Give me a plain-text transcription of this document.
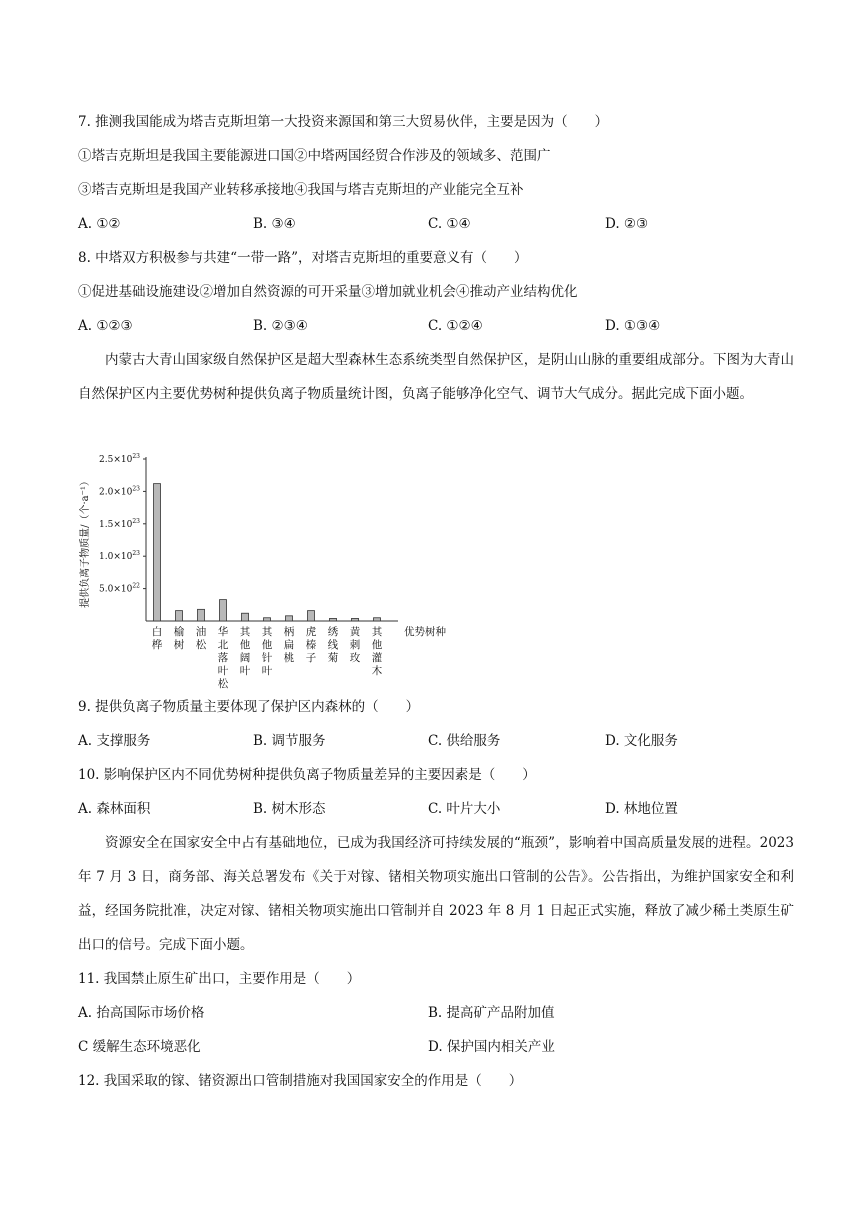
7. 推测我国能成为塔吉克斯坦第一大投资来源国和第三大贸易伙伴，主要是因为（　　）
①塔吉克斯坦是我国主要能源进口国②中塔两国经贸合作涉及的领域多、范围广
③塔吉克斯坦是我国产业转移承接地④我国与塔吉克斯坦的产业能完全互补
A. ①②	B. ③④	C. ①④	D. ②③
8. 中塔双方积极参与共建“一带一路”，对塔吉克斯坦的重要意义有（　　）
①促进基础设施建设②增加自然资源的可开采量③增加就业机会④推动产业结构优化
A. ①②③	B. ②③④	C. ①②④	D. ①③④
内蒙古大青山国家级自然保护区是超大型森林生态系统类型自然保护区，是阴山山脉的重要组成部分。下图为大青山自然保护区内主要优势树种提供负离子物质量统计图，负离子能够净化空气、调节大气成分。据此完成下面小题。
提供负离子物质量/（个·a⁻¹） $5.0\times 10^{22}$
$1.0\times 10^{23}$
$1.5\times 10^{23}$
$2.0\times 10^{23}$
$2.5\times 10^{23}$
白桦
榆树
油松
华北落叶松
其他阔叶
其他针叶
柄扁桃
虎榛子
绣线菊
黄刺玫
其他灌木
优势树种
9. 提供负离子物质量主要体现了保护区内森林的（　　）
A. 支撑服务	B. 调节服务	C. 供给服务	D. 文化服务
10. 影响保护区内不同优势树种提供负离子物质量差异的主要因素是（　　）
A. 森林面积	B. 树木形态	C. 叶片大小	D. 林地位置
资源安全在国家安全中占有基础地位，已成为我国经济可持续发展的“瓶颈”，影响着中国高质量发展的进程。2023 年 7 月 3 日，商务部、海关总署发布《关于对镓、锗相关物项实施出口管制的公告》。公告指出，为维护国家安全和利益，经国务院批准，决定对镓、锗相关物项实施出口管制并自 2023 年 8 月 1 日起正式实施，释放了减少稀土类原生矿出口的信号。完成下面小题。
11. 我国禁止原生矿出口，主要作用是（　　）
A. 抬高国际市场价格	B. 提高矿产品附加值
C 缓解生态环境恶化	D. 保护国内相关产业
12. 我国采取的镓、锗资源出口管制措施对我国国家安全的作用是（　　）
